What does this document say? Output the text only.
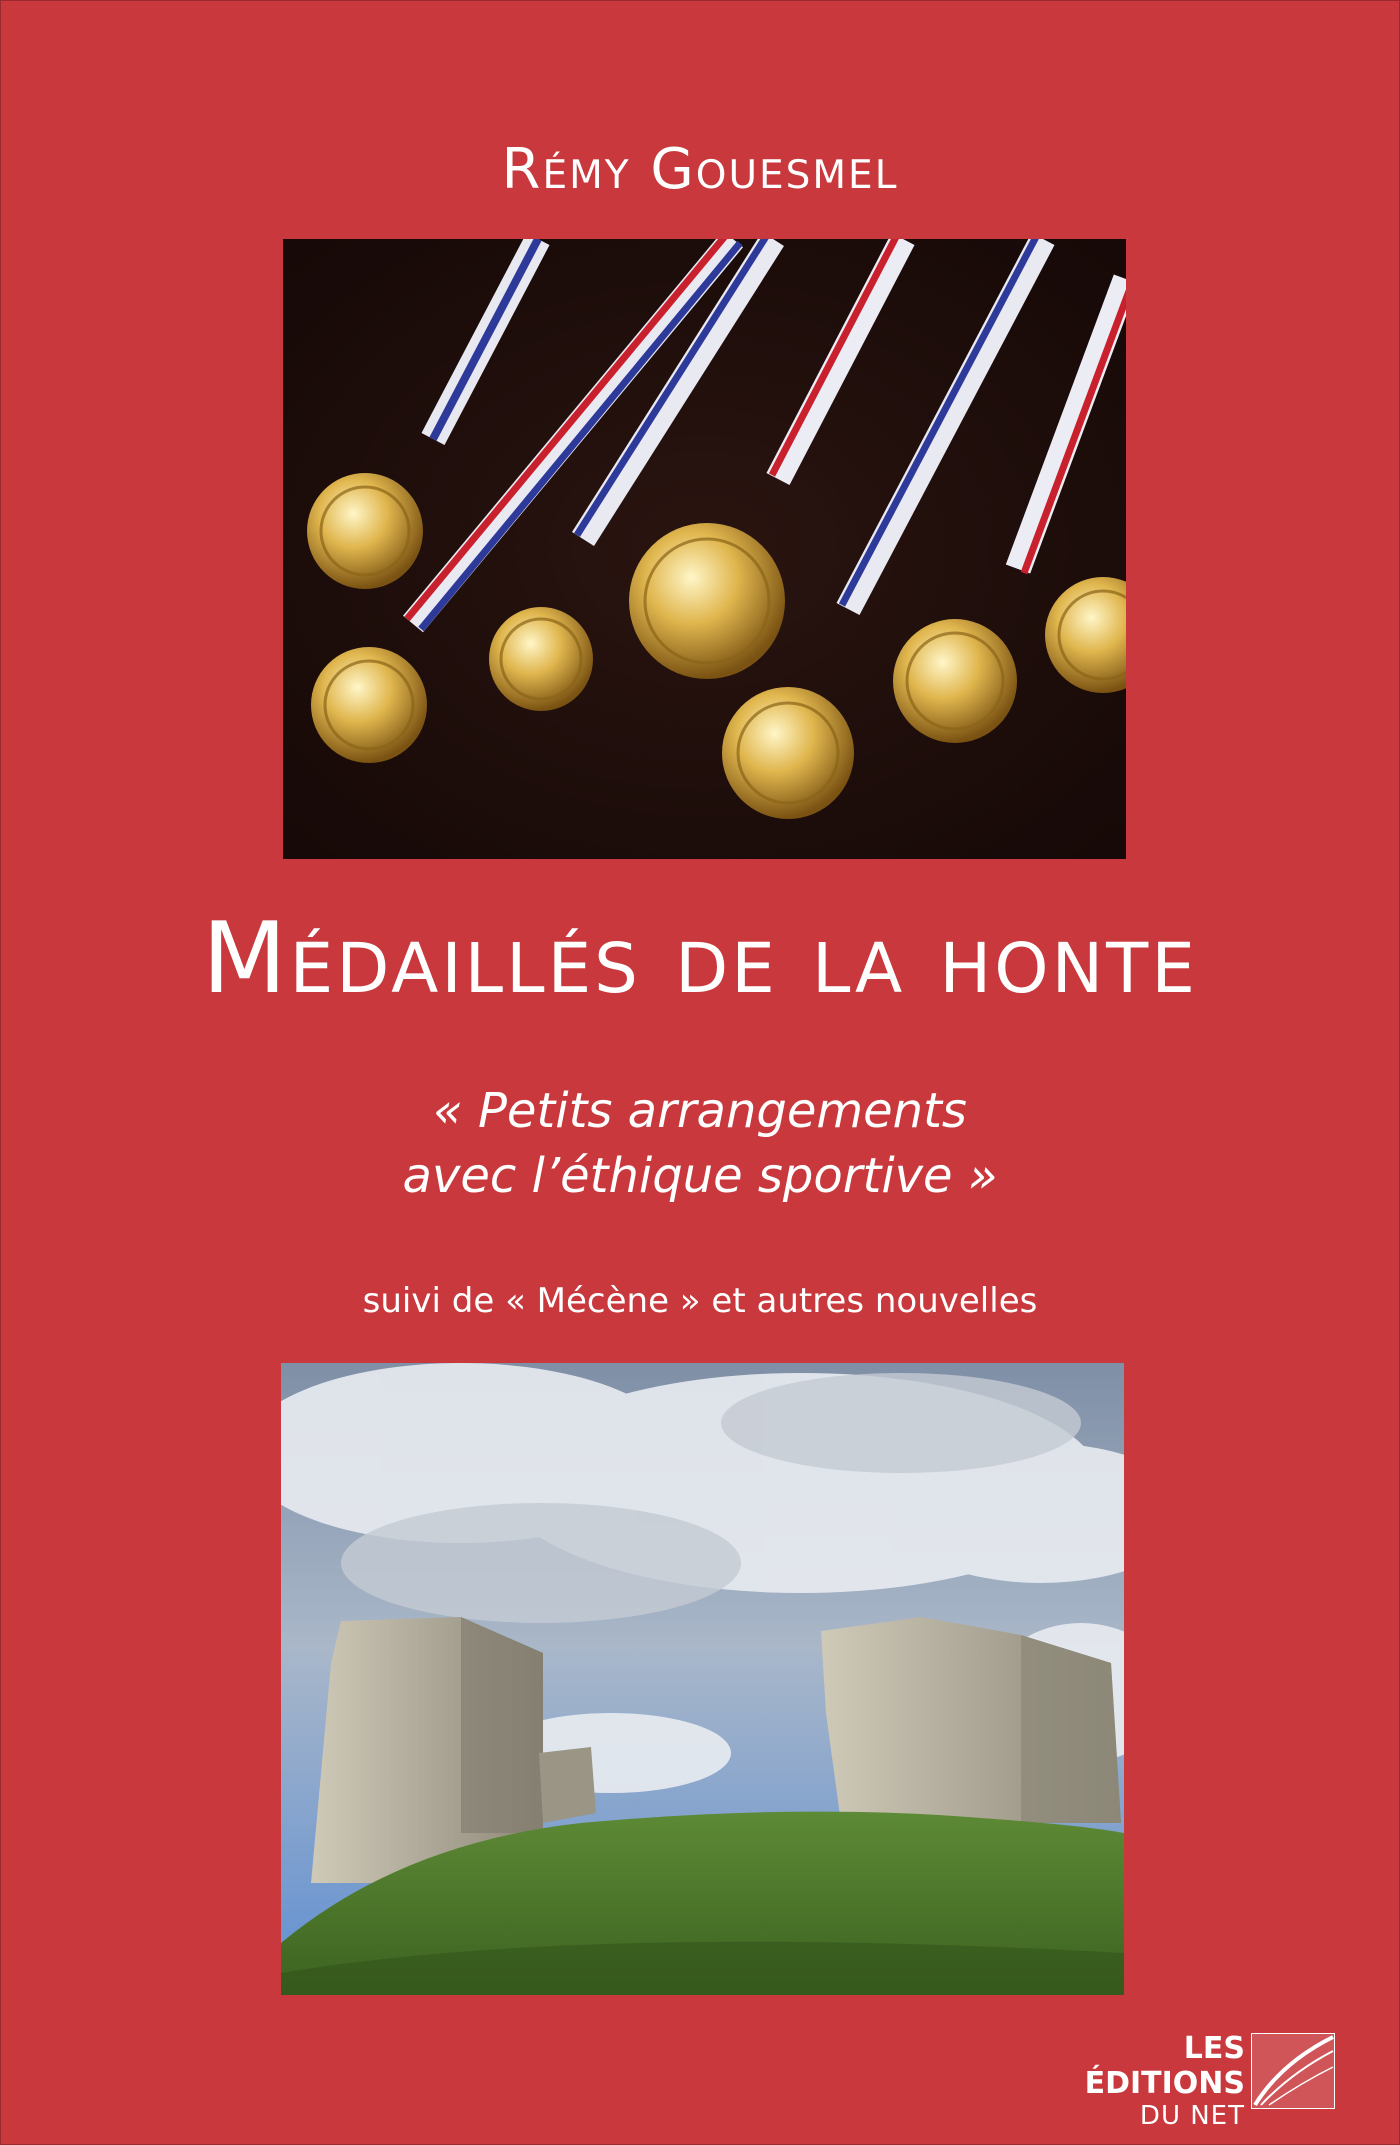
Rémy Gouesmel
Médaillés de la honte
« Petits arrangements
avec l’éthique sportive »
suivi de « Mécène » et autres nouvelles
LES ÉDITIONS
DU NET
